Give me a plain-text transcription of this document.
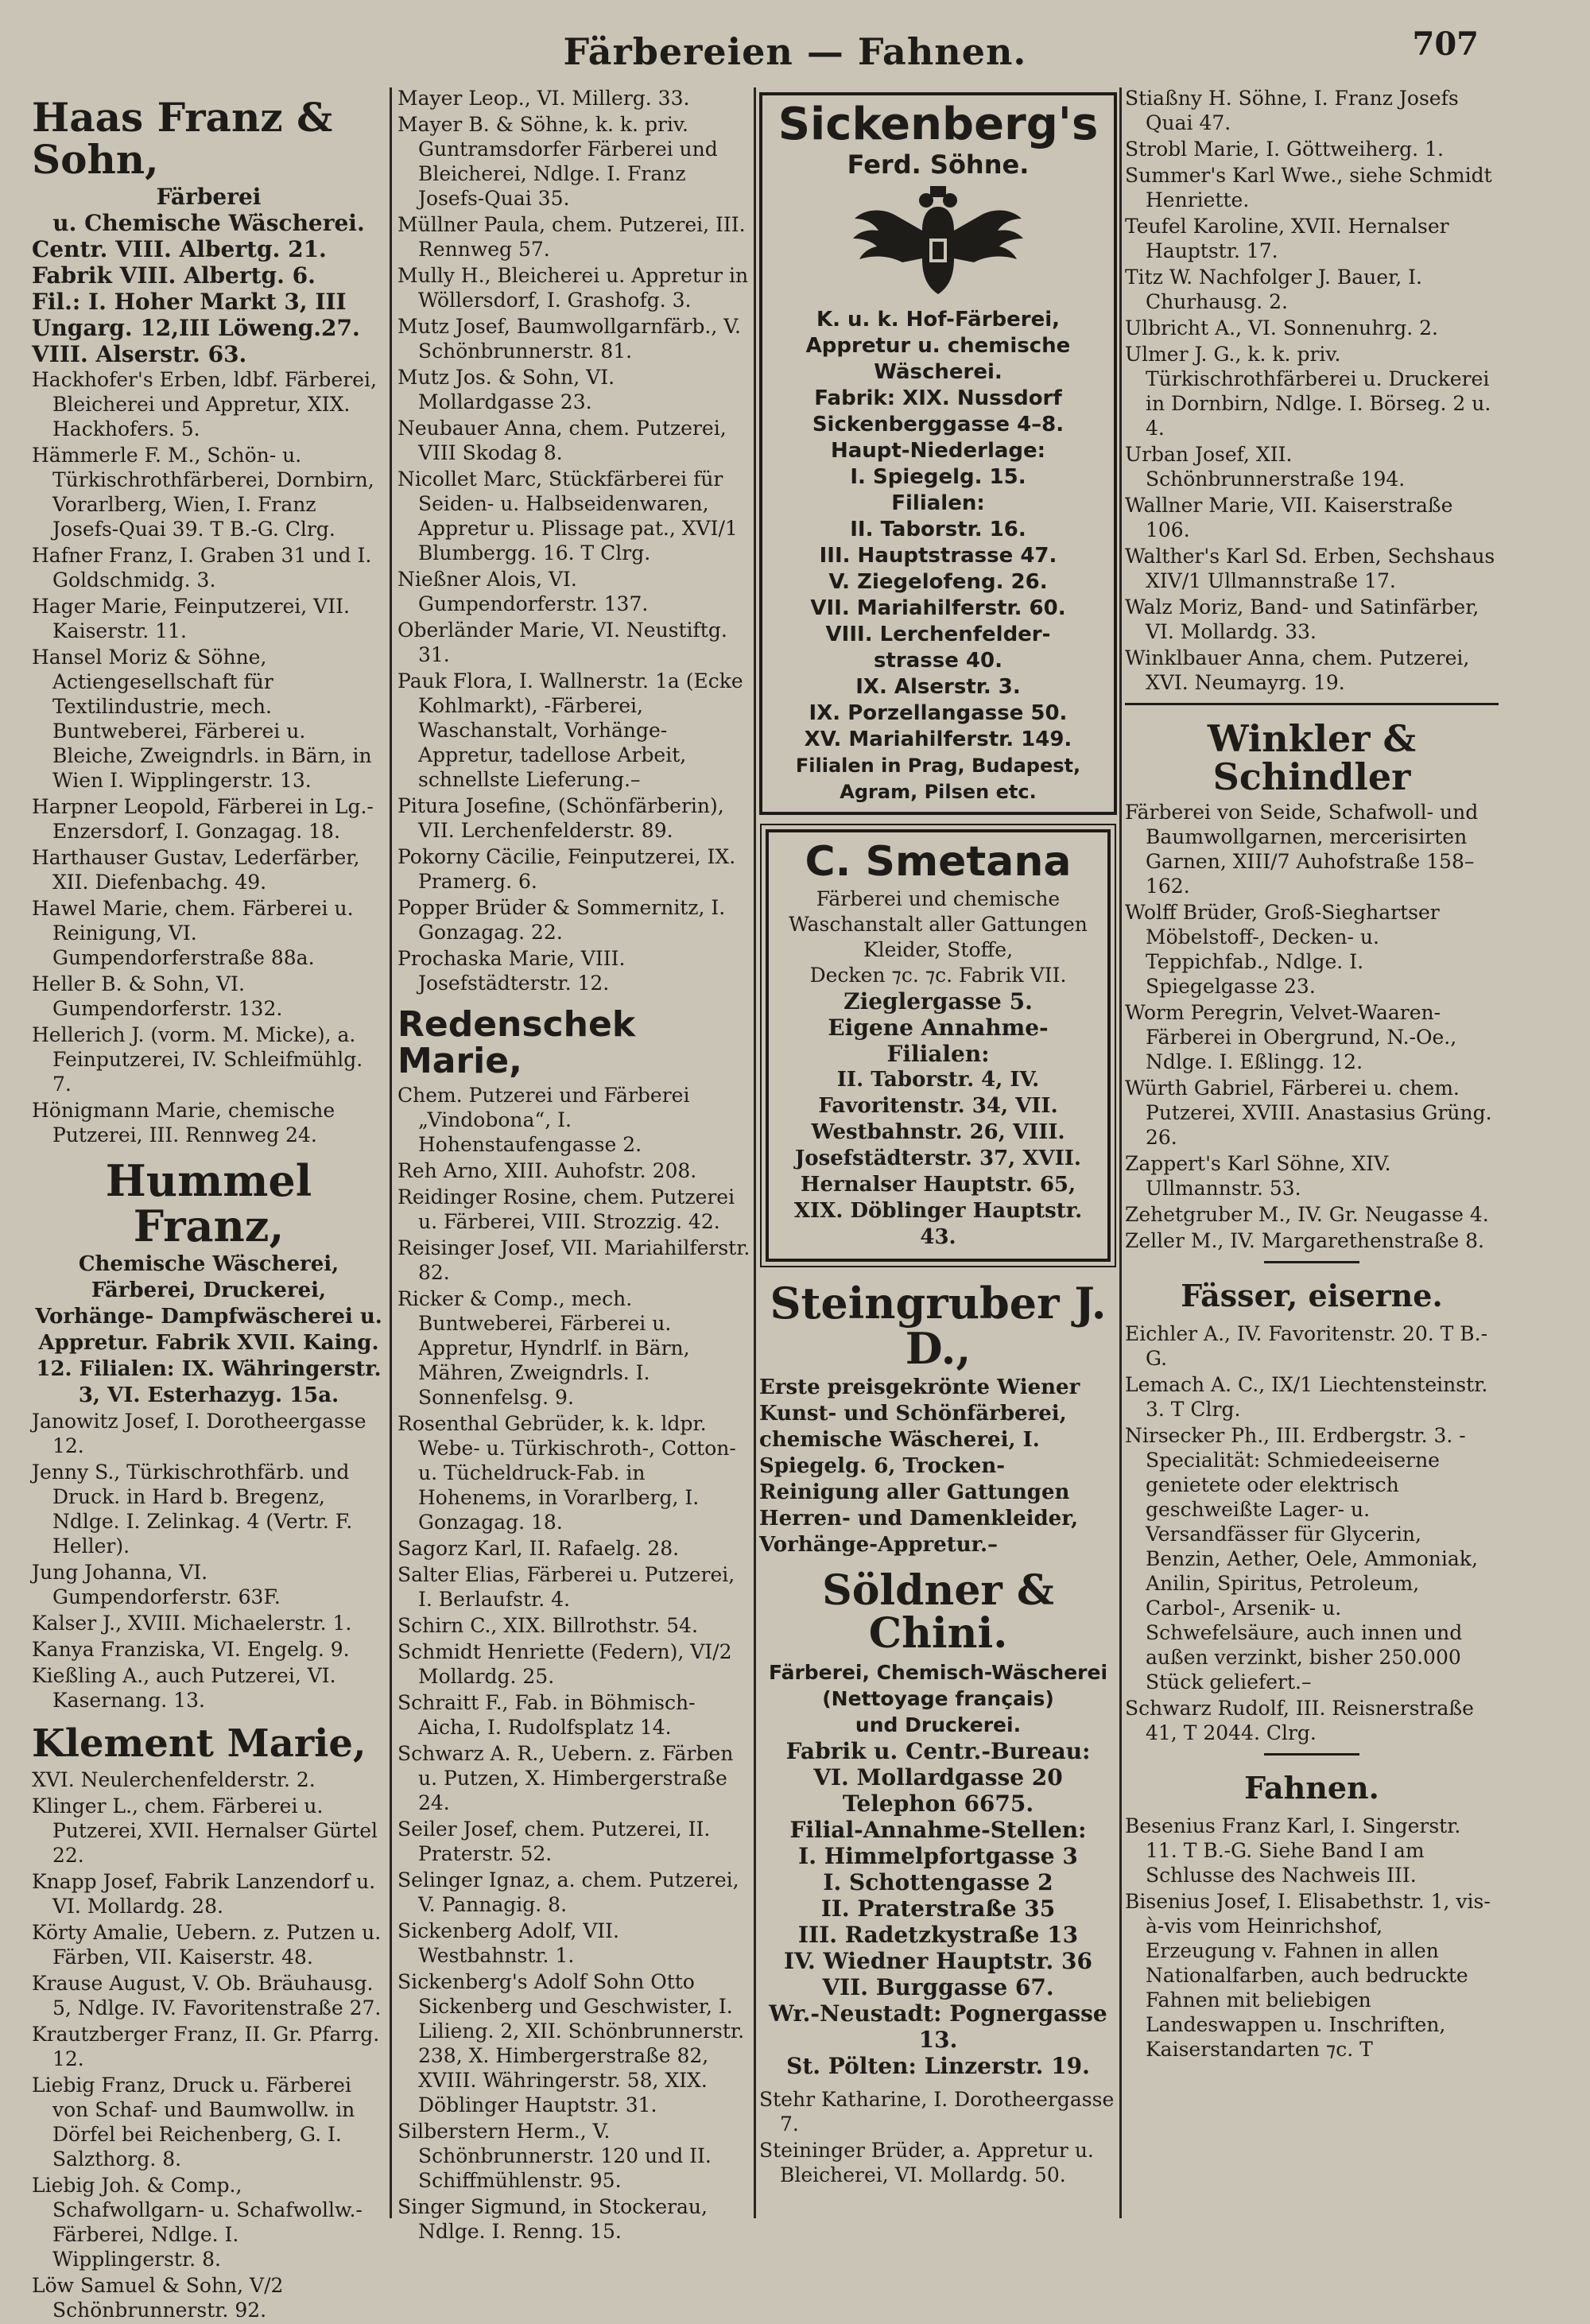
Färbereien — Fahnen.	707
Haas Franz & Sohn,
Färberei
u. Chemische Wäscherei.
Centr. VIII. Albertg. 21.
Fabrik VIII. Albertg. 6.
Fil.: I. Hoher Markt 3, III Ungarg. 12,III Löweng.27.
VIII. Alserstr. 63.

Hackhofer's Erben, ldbf. Färberei, Bleicherei und Appretur, XIX. Hackhofers. 5.

Hämmerle F. M., Schön- u. Türkischrothfärberei, Dornbirn, Vorarlberg, Wien, I. Franz Josefs-Quai 39. T B.-G. Clrg.

Hafner Franz, I. Graben 31 und I. Goldschmidg. 3.

Hager Marie, Feinputzerei, VII. Kaiserstr. 11.

Hansel Moriz & Söhne, Actiengesellschaft für Textilindustrie, mech. Buntweberei, Färberei u. Bleiche, Zweigndrls. in Bärn, in Wien I. Wipplingerstr. 13.

Harpner Leopold, Färberei in Lg.-Enzersdorf, I. Gonzagag. 18.

Harthauser Gustav, Lederfärber, XII. Diefenbachg. 49.

Hawel Marie, chem. Färberei u. Reinigung, VI. Gumpendorferstraße 88a.

Heller B. & Sohn, VI. Gumpendorferstr. 132.

Hellerich J. (vorm. M. Micke), a. Feinputzerei, IV. Schleifmühlg. 7.

Hönigmann Marie, chemische Putzerei, III. Rennweg 24.

Hummel Franz,
Chemische Wäscherei, Färberei, Druckerei, Vorhänge- Dampfwäscherei u. Appretur. Fabrik XVII. Kaing. 12. Filialen: IX. Währingerstr. 3, VI. Esterhazyg. 15a.

Janowitz Josef, I. Dorotheergasse 12.

Jenny S., Türkischrothfärb. und Druck. in Hard b. Bregenz, Ndlge. I. Zelinkag. 4 (Vertr. F. Heller).

Jung Johanna, VI. Gumpendorferstr. 63F.

Kalser J., XVIII. Michaelerstr. 1.

Kanya Franziska, VI. Engelg. 9.

Kießling A., auch Putzerei, VI. Kasernang. 13.

Klement Marie,

XVI. Neulerchenfelderstr. 2.

Klinger L., chem. Färberei u. Putzerei, XVII. Hernalser Gürtel 22.

Knapp Josef, Fabrik Lanzendorf u. VI. Mollardg. 28.

Körty Amalie, Uebern. z. Putzen u. Färben, VII. Kaiserstr. 48.

Krause August, V. Ob. Bräuhausg. 5, Ndlge. IV. Favoritenstraße 27.

Krautzberger Franz, II. Gr. Pfarrg. 12.

Liebig Franz, Druck u. Färberei von Schaf- und Baumwollw. in Dörfel bei Reichenberg, G. I. Salzthorg. 8.

Liebig Joh. & Comp., Schafwollgarn- u. Schafwollw.-Färberei, Ndlge. I. Wipplingerstr. 8.

Löw Samuel & Sohn, V/2 Schönbrunnerstr. 92.

Mayer Leop., VI. Millerg. 33.

Mayer B. & Söhne, k. k. priv. Guntramsdorfer Färberei und Bleicherei, Ndlge. I. Franz Josefs-Quai 35.

Müllner Paula, chem. Putzerei, III. Rennweg 57.

Mully H., Bleicherei u. Appretur in Wöllersdorf, I. Grashofg. 3.

Mutz Josef, Baumwollgarnfärb., V. Schönbrunnerstr. 81.

Mutz Jos. & Sohn, VI. Mollardgasse 23.

Neubauer Anna, chem. Putzerei, VIII Skodag 8.

Nicollet Marc, Stückfärberei für Seiden- u. Halbseidenwaren, Appretur u. Plissage pat., XVI/1 Blumbergg. 16. T Clrg.

Nießner Alois, VI. Gumpendorferstr. 137.

Oberländer Marie, VI. Neustiftg. 31.

Pauk Flora, I. Wallnerstr. 1a (Ecke Kohlmarkt), -Färberei, Waschanstalt, Vorhänge-Appretur, tadellose Arbeit, schnellste Lieferung.–

Pitura Josefine, (Schönfärberin), VII. Lerchenfelderstr. 89.

Pokorny Cäcilie, Feinputzerei, IX. Pramerg. 6.

Popper Brüder & Sommernitz, I. Gonzagag. 22.

Prochaska Marie, VIII. Josefstädterstr. 12.

Redenschek Marie,

Chem. Putzerei und Färberei „Vindobona“, I. Hohenstaufengasse 2.

Reh Arno, XIII. Auhofstr. 208.

Reidinger Rosine, chem. Putzerei u. Färberei, VIII. Strozzig. 42.

Reisinger Josef, VII. Mariahilferstr. 82.

Ricker & Comp., mech. Buntweberei, Färberei u. Appretur, Hyndrlf. in Bärn, Mähren, Zweigndrls. I. Sonnenfelsg. 9.

Rosenthal Gebrüder, k. k. ldpr. Webe- u. Türkischroth-, Cotton- u. Tücheldruck-Fab. in Hohenems, in Vorarlberg, I. Gonzagag. 18.

Sagorz Karl, II. Rafaelg. 28.

Salter Elias, Färberei u. Putzerei, I. Berlaufstr. 4.

Schirn C., XIX. Billrothstr. 54.

Schmidt Henriette (Federn), VI/2 Mollardg. 25.

Schraitt F., Fab. in Böhmisch-Aicha, I. Rudolfsplatz 14.

Schwarz A. R., Uebern. z. Färben u. Putzen, X. Himbergerstraße 24.

Seiler Josef, chem. Putzerei, II. Praterstr. 52.

Selinger Ignaz, a. chem. Putzerei, V. Pannagig. 8.

Sickenberg Adolf, VII. Westbahnstr. 1.

Sickenberg's Adolf Sohn Otto Sickenberg und Geschwister, I. Lilieng. 2, XII. Schönbrunnerstr. 238, X. Himbergerstraße 82, XVIII. Währingerstr. 58, XIX. Döblinger Hauptstr. 31.

Silberstern Herm., V. Schönbrunnerstr. 120 und II. Schiffmühlenstr. 95.

Singer Sigmund, in Stockerau, Ndlge. I. Renng. 15.

Sickenberg's
Ferd. Söhne.
K. u. k. Hof-Färberei,
Appretur u. chemische
Wäscherei.
Fabrik: XIX. Nussdorf
Sickenberggasse 4–8.
Haupt-Niederlage:
I. Spiegelg. 15.
Filialen:
II. Taborstr. 16.
III. Hauptstrasse 47.
V. Ziegelofeng. 26.
VII. Mariahilferstr. 60.
VIII. Lerchenfelder-
strasse 40.
IX. Alserstr. 3.
IX. Porzellangasse 50.
XV. Mariahilferstr. 149.
Filialen in Prag, Budapest, Agram, Pilsen etc.
C. Smetana
Färberei und chemische
Waschanstalt aller Gattungen Kleider, Stoffe,
Decken ⁊c. ⁊c. Fabrik VII.
Zieglergasse 5.
Eigene Annahme-
Filialen:
II. Taborstr. 4, IV. Favoritenstr. 34, VII. Westbahnstr. 26, VIII. Josefstädterstr. 37, XVII. Hernalser Hauptstr. 65, XIX. Döblinger Hauptstr. 43.
Steingruber J. D.,
Erste preisgekrönte Wiener Kunst- und Schönfärberei, chemische Wäscherei, I. Spiegelg. 6, Trocken-Reinigung aller Gattungen Herren- und Damenkleider, Vorhänge-Appretur.–
Söldner & Chini.
Färberei, Chemisch-Wäscherei
(Nettoyage français)
und Druckerei.
Fabrik u. Centr.-Bureau:
VI. Mollardgasse 20
Telephon 6675.
Filial-Annahme-Stellen:
I. Himmelpfortgasse 3
I. Schottengasse 2
II. Praterstraße 35
III. Radetzkystraße 13
IV. Wiedner Hauptstr. 36
VII. Burggasse 67.
Wr.-Neustadt: Pognergasse 13.
St. Pölten: Linzerstr. 19.

Stehr Katharine, I. Dorotheergasse 7.

Steininger Brüder, a. Appretur u. Bleicherei, VI. Mollardg. 50.

Stiaßny H. Söhne, I. Franz Josefs Quai 47.

Strobl Marie, I. Göttweiherg. 1.

Summer's Karl Wwe., siehe Schmidt Henriette.

Teufel Karoline, XVII. Hernalser Hauptstr. 17.

Titz W. Nachfolger J. Bauer, I. Churhausg. 2.

Ulbricht A., VI. Sonnenuhrg. 2.

Ulmer J. G., k. k. priv. Türkischrothfärberei u. Druckerei in Dornbirn, Ndlge. I. Börseg. 2 u. 4.

Urban Josef, XII. Schönbrunnerstraße 194.

Wallner Marie, VII. Kaiserstraße 106.

Walther's Karl Sd. Erben, Sechshaus XIV/1 Ullmannstraße 17.

Walz Moriz, Band- und Satinfärber, VI. Mollardg. 33.

Winklbauer Anna, chem. Putzerei, XVI. Neumayrg. 19.

Winkler & Schindler

Färberei von Seide, Schafwoll- und Baumwollgarnen, mercerisirten Garnen, XIII/7 Auhofstraße 158–162.

Wolff Brüder, Groß-Sieghartser Möbelstoff-, Decken- u. Teppichfab., Ndlge. I. Spiegelgasse 23.

Worm Peregrin, Velvet-Waaren-Färberei in Obergrund, N.-Oe., Ndlge. I. Eßlingg. 12.

Würth Gabriel, Färberei u. chem. Putzerei, XVIII. Anastasius Grüng. 26.

Zappert's Karl Söhne, XIV. Ullmannstr. 53.

Zehetgruber M., IV. Gr. Neugasse 4.

Zeller M., IV. Margarethenstraße 8.

Fässer, eiserne.

Eichler A., IV. Favoritenstr. 20. T B.-G.

Lemach A. C., IX/1 Liechtensteinstr. 3. T Clrg.

Nirsecker Ph., III. Erdbergstr. 3. -Specialität: Schmiedeeiserne genietete oder elektrisch geschweißte Lager- u. Versandfässer für Glycerin, Benzin, Aether, Oele, Ammoniak, Anilin, Spiritus, Petroleum, Carbol-, Arsenik- u. Schwefelsäure, auch innen und außen verzinkt, bisher 250.000 Stück geliefert.–

Schwarz Rudolf, III. Reisnerstraße 41, T 2044. Clrg.

Fahnen.

Besenius Franz Karl, I. Singerstr. 11. T B.-G. Siehe Band I am Schlusse des Nachweis III.

Bisenius Josef, I. Elisabethstr. 1, vis-à-vis vom Heinrichshof, Erzeugung v. Fahnen in allen Nationalfarben, auch bedruckte Fahnen mit beliebigen Landeswappen u. Inschriften, Kaiserstandarten ⁊c. T
